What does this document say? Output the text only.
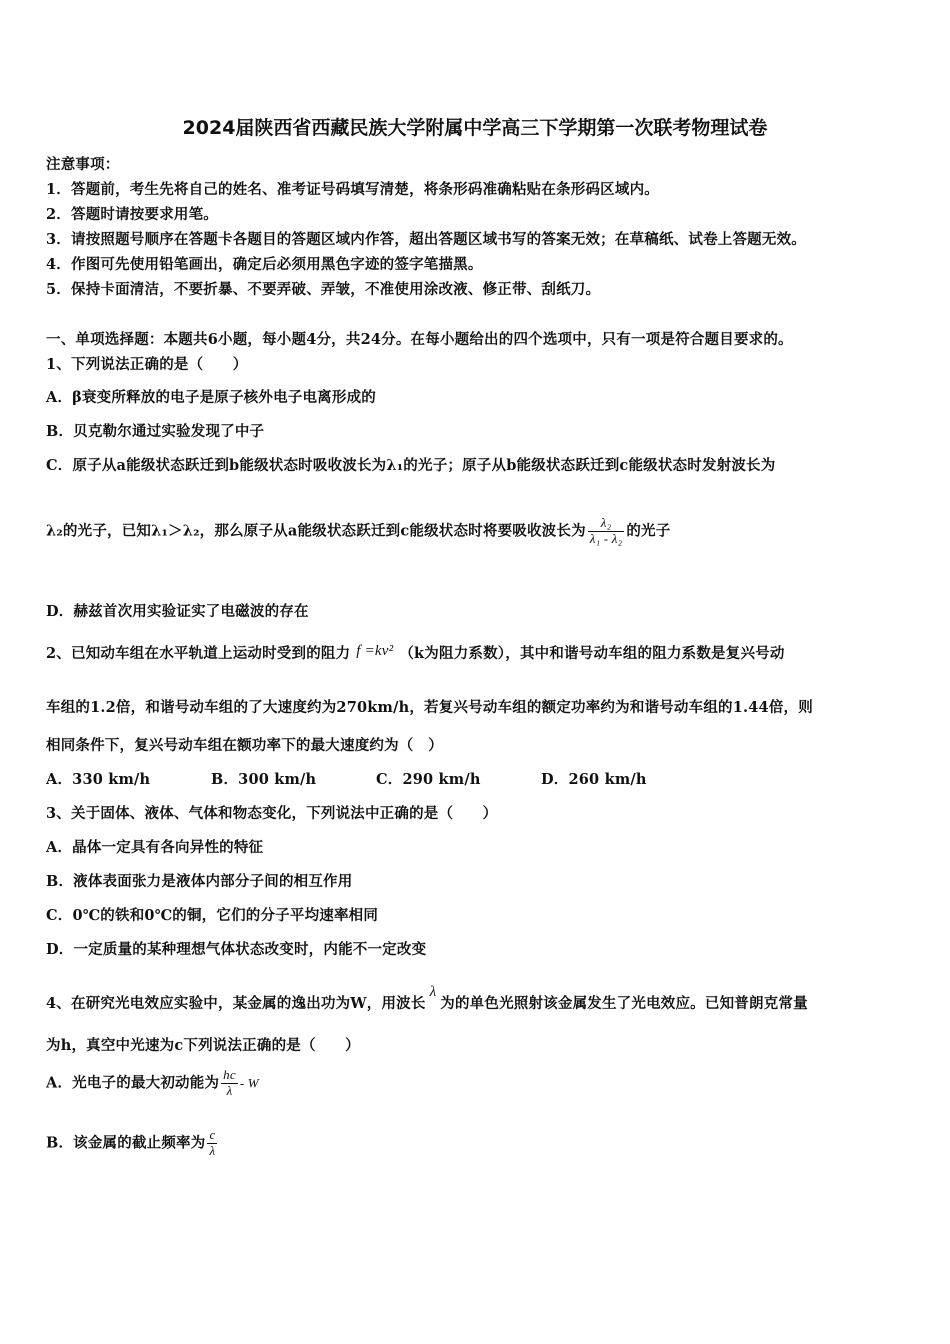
2024届陕西省西藏民族大学附属中学高三下学期第一次联考物理试卷
注意事项：
1．答题前，考生先将自己的姓名、准考证号码填写清楚，将条形码准确粘贴在条形码区域内。
2．答题时请按要求用笔。
3．请按照题号顺序在答题卡各题目的答题区域内作答，超出答题区域书写的答案无效；在草稿纸、试卷上答题无效。
4．作图可先使用铅笔画出，确定后必须用黑色字迹的签字笔描黑。
5．保持卡面清洁，不要折暴、不要弄破、弄皱，不准使用涂改液、修正带、刮纸刀。
一、单项选择题：本题共6小题，每小题4分，共24分。在每小题给出的四个选项中，只有一项是符合题目要求的。
1、下列说法正确的是（　　）
A．β衰变所释放的电子是原子核外电子电离形成的
B．贝克勒尔通过实验发现了中子
C．原子从a能级状态跃迁到b能级状态时吸收波长为λ₁的光子；原子从b能级状态跃迁到c能级状态时发射波长为
λ₂的光子，已知λ₁＞λ₂，那么原子从a能级状态跃迁到c能级状态时将要吸收波长为 $\frac{\text{λ₂}}{\text{λ₁ - λ₂}}$ 的光子
D．赫兹首次用实验证实了电磁波的存在
2、已知动车组在水平轨道上运动时受到的阻力 f =kv² （k为阻力系数），其中和谐号动车组的阻力系数是复兴号动
车组的1.2倍，和谐号动车组的了大速度约为270km/h，若复兴号动车组的额定功率约为和谐号动车组的1.44倍，则
相同条件下，复兴号动车组在额功率下的最大速度约为（　）
A．330 km/h	B．300 km/h	C．290 km/h	D．260 km/h
3、关于固体、液体、气体和物态变化，下列说法中正确的是（　　）
A．晶体一定具有各向异性的特征
B．液体表面张力是液体内部分子间的相互作用
C．0℃的铁和0℃的铜，它们的分子平均速率相同
D．一定质量的某种理想气体状态改变时，内能不一定改变
4、在研究光电效应实验中，某金属的逸出功为W，用波长λ为的单色光照射该金属发生了光电效应。已知普朗克常量
为h，真空中光速为c下列说法正确的是（　　）
A．光电子的最大初动能为 $\frac{hc}{\lambda}$ - W
B．该金属的截止频率为 $\frac{c}{\lambda}$
